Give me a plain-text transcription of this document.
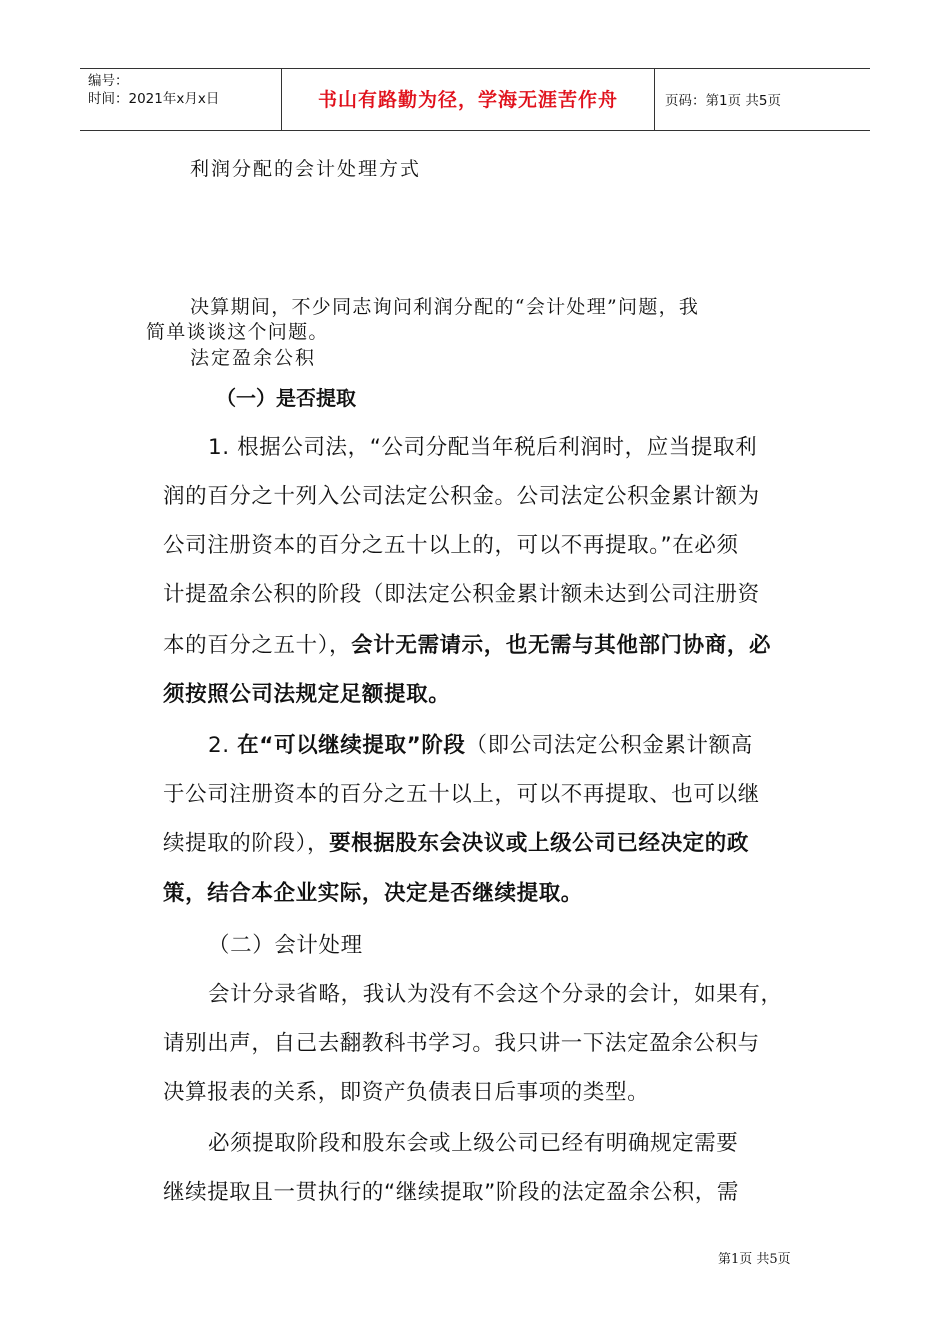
编号：
时间：2021年x月x日	书山有路勤为径，学海无涯苦作舟	页码：第1页 共5页
利润分配的会计处理方式
决算期间，不少同志询问利润分配的“会计处理”问题，我
简单谈谈这个问题。
法定盈余公积
（一）是否提取
1. 根据公司法，“公司分配当年税后利润时，应当提取利
润的百分之十列入公司法定公积金。公司法定公积金累计额为
公司注册资本的百分之五十以上的，可以不再提取。”在必须
计提盈余公积的阶段（即法定公积金累计额未达到公司注册资
本的百分之五十），会计无需请示，也无需与其他部门协商，必
须按照公司法规定足额提取。
2. 在“可以继续提取”阶段（即公司法定公积金累计额高
于公司注册资本的百分之五十以上，可以不再提取、也可以继
续提取的阶段），要根据股东会决议或上级公司已经决定的政
策，结合本企业实际，决定是否继续提取。
（二）会计处理
会计分录省略，我认为没有不会这个分录的会计，如果有，
请别出声，自己去翻教科书学习。我只讲一下法定盈余公积与
决算报表的关系，即资产负债表日后事项的类型。
必须提取阶段和股东会或上级公司已经有明确规定需要
继续提取且一贯执行的“继续提取”阶段的法定盈余公积，需
第1页 共5页
